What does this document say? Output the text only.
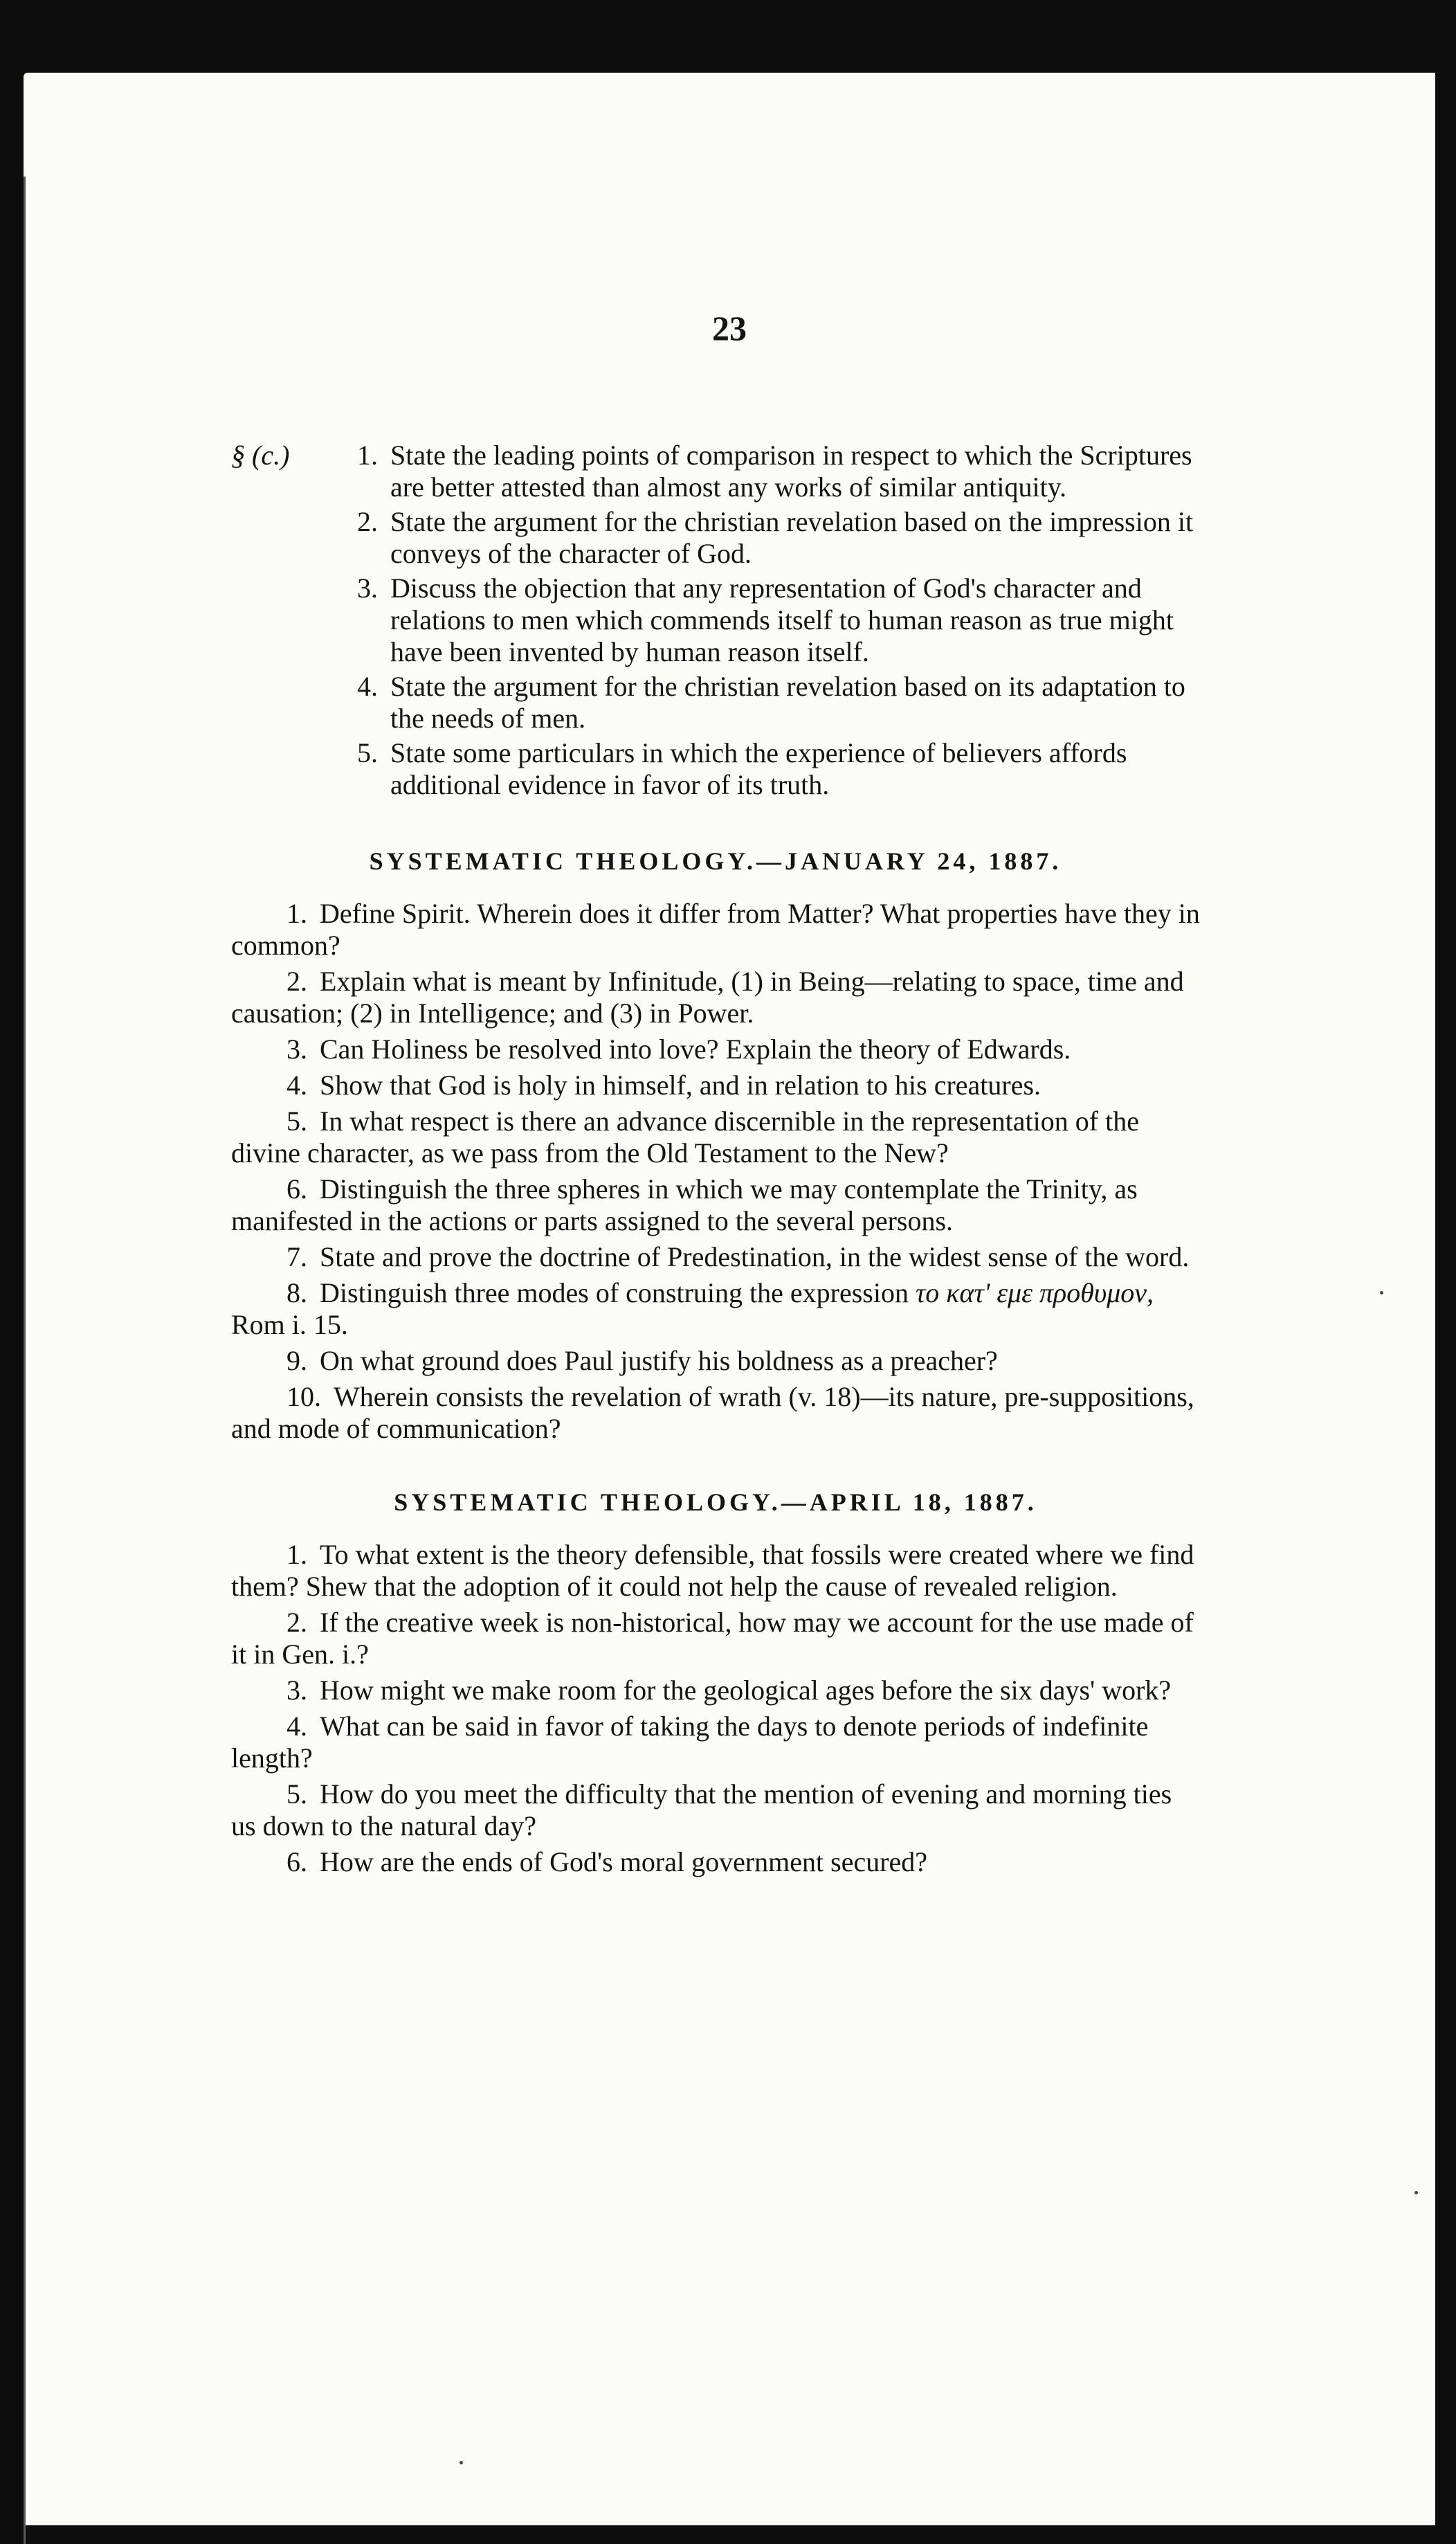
23
§ (c.)	1. State the leading points of comparison in respect to which the Scriptures are better attested than almost any works of similar antiquity.
2. State the argument for the christian revelation based on the impression it conveys of the character of God.
3. Discuss the objection that any representation of God's character and relations to men which commends itself to human reason as true might have been invented by human reason itself.
4. State the argument for the christian revelation based on its adaptation to the needs of men.
5. State some particulars in which the experience of believers affords additional evidence in favor of its truth.
SYSTEMATIC THEOLOGY.—JANUARY 24, 1887.

1. Define Spirit. Wherein does it differ from Matter? What properties have they in common?

2. Explain what is meant by Infinitude, (1) in Being—relating to space, time and causation; (2) in Intelligence; and (3) in Power.

3. Can Holiness be resolved into love? Explain the theory of Edwards.

4. Show that God is holy in himself, and in relation to his creatures.

5. In what respect is there an advance discernible in the representation of the divine character, as we pass from the Old Testament to the New?

6. Distinguish the three spheres in which we may contemplate the Trinity, as manifested in the actions or parts assigned to the several persons.

7. State and prove the doctrine of Predestination, in the widest sense of the word.

8. Distinguish three modes of construing the expression το κατ' εμε προθυμον, Rom i. 15.

9. On what ground does Paul justify his boldness as a preacher?

10. Wherein consists the revelation of wrath (v. 18)—its nature, pre-suppositions, and mode of communication?

SYSTEMATIC THEOLOGY.—APRIL 18, 1887.

1. To what extent is the theory defensible, that fossils were created where we find them? Shew that the adoption of it could not help the cause of revealed religion.

2. If the creative week is non-historical, how may we account for the use made of it in Gen. i.?

3. How might we make room for the geological ages before the six days' work?

4. What can be said in favor of taking the days to denote periods of indefinite length?

5. How do you meet the difficulty that the mention of evening and morning ties us down to the natural day?

6. How are the ends of God's moral government secured?
